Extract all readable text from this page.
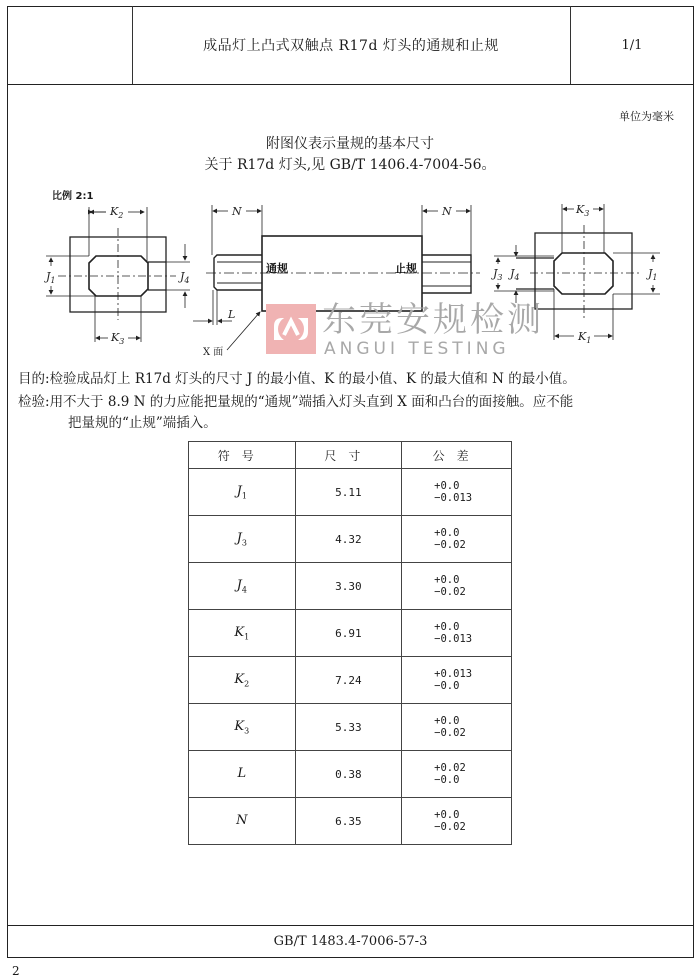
成品灯上凸式双触点 R17d 灯头的通规和止规	1/1
单位为毫米
附图仪表示量规的基本尺寸
关于 R17d 灯头,见 GB/T 1406.4-7004-56。
比例 2:1
$K_2$
$K_3$
$J_1$	$J_4$
N	N
L
$K_3$
$K_1$
$J_3$ $J_4$	$J_1$
通规	止规
X 面
东莞安规检测
ANGUI TESTING
目的:检验成品灯上 R17d 灯头的尺寸 J 的最小值、K 的最小值、K 的最大值和 N 的最小值。
检验:用不大于 8.9 N 的力应能把量规的“通规”端插入灯头直到 X 面和凸台的面接触。应不能
把量规的“止规”端插入。
符号	尺寸	公差
$J_1$	5.11	+0.0
−0.013

$J_3$	4.32	+0.0
−0.02

$J_4$	3.30	+0.0
−0.02

$K_1$	6.91	+0.0
−0.013

$K_2$	7.24	+0.013
−0.0

$K_3$	5.33	+0.0
−0.02

L	0.38	+0.02
−0.0

N	6.35	+0.0
−0.02
GB/T 1483.4-7006-57-3
2
